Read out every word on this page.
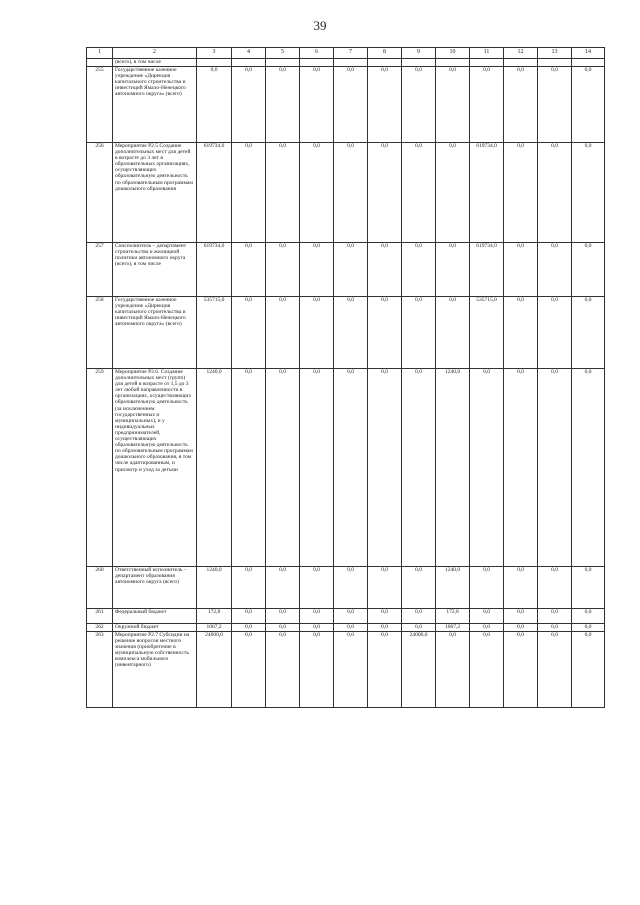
39
1	2	3	4	5	6	7	8	9	10	11	12	13	14
	(всего), в том числе												
255	Государственное казенное учреждение «Дирекция капитального строительства и инвестиций Ямало-Ненецкого автономного округа» (всего)	0,0	0,0	0,0	0,0	0,0	0,0	0,0	0,0	0,0	0,0	0,0	0,0
256	Мероприятие Р2.5 Создание дополнительных мест для детей в возрасте до 3 лет в образовательных организациях, осуществляющих образовательную деятельность по образовательным программам дошкольного образования	619734,0	0,0	0,0	0,0	0,0	0,0	0,0	0,0	619734,0	0,0	0,0	0,0
257	Соисполнитель – департамент строительства и жилищной политики автономного округа (всего), в том числе	619734,0	0,0	0,0	0,0	0,0	0,0	0,0	0,0	619734,0	0,0	0,0	0,0
258	Государственное казенное учреждение «Дирекция капитального строительства и инвестиций Ямало-Ненецкого автономного округа» (всего)	535715,0	0,0	0,0	0,0	0,0	0,0	0,0	0,0	535715,0	0,0	0,0	0,0
259	Мероприятие Р2.6. Создание дополнительных мест (групп) для детей в возрасте от 1,5 до 3 лет любой направленности в организациях, осуществляющих образовательную деятельность (за исключением государственных и муниципальных), и у индивидуальных предпринимателей, осуществляющих образовательную деятельность по образовательным программам дошкольного образования, в том числе адаптированным, и присмотр и уход за детьми	1240,0	0,0	0,0	0,0	0,0	0,0	0,0	1240,0	0,0	0,0	0,0	0,0
260	Ответственный исполнитель – департамент образования автономного округа (всего)	1240,0	0,0	0,0	0,0	0,0	0,0	0,0	1240,0	0,0	0,0	0,0	0,0
261	Федеральный бюджет	172,8	0,0	0,0	0,0	0,0	0,0	0,0	172,8	0,0	0,0	0,0	0,0
262	Окружной бюджет	1067,2	0,0	0,0	0,0	0,0	0,0	0,0	1067,2	0,0	0,0	0,0	0,0
263	Мероприятие Р2.7 Субсидии на решение вопросов местного значения (приобретение в муниципальную собственность комплекса мобильного (инвентарного)	24000,0	0,0	0,0	0,0	0,0	0,0	24000,0	0,0	0,0	0,0	0,0	0,0
